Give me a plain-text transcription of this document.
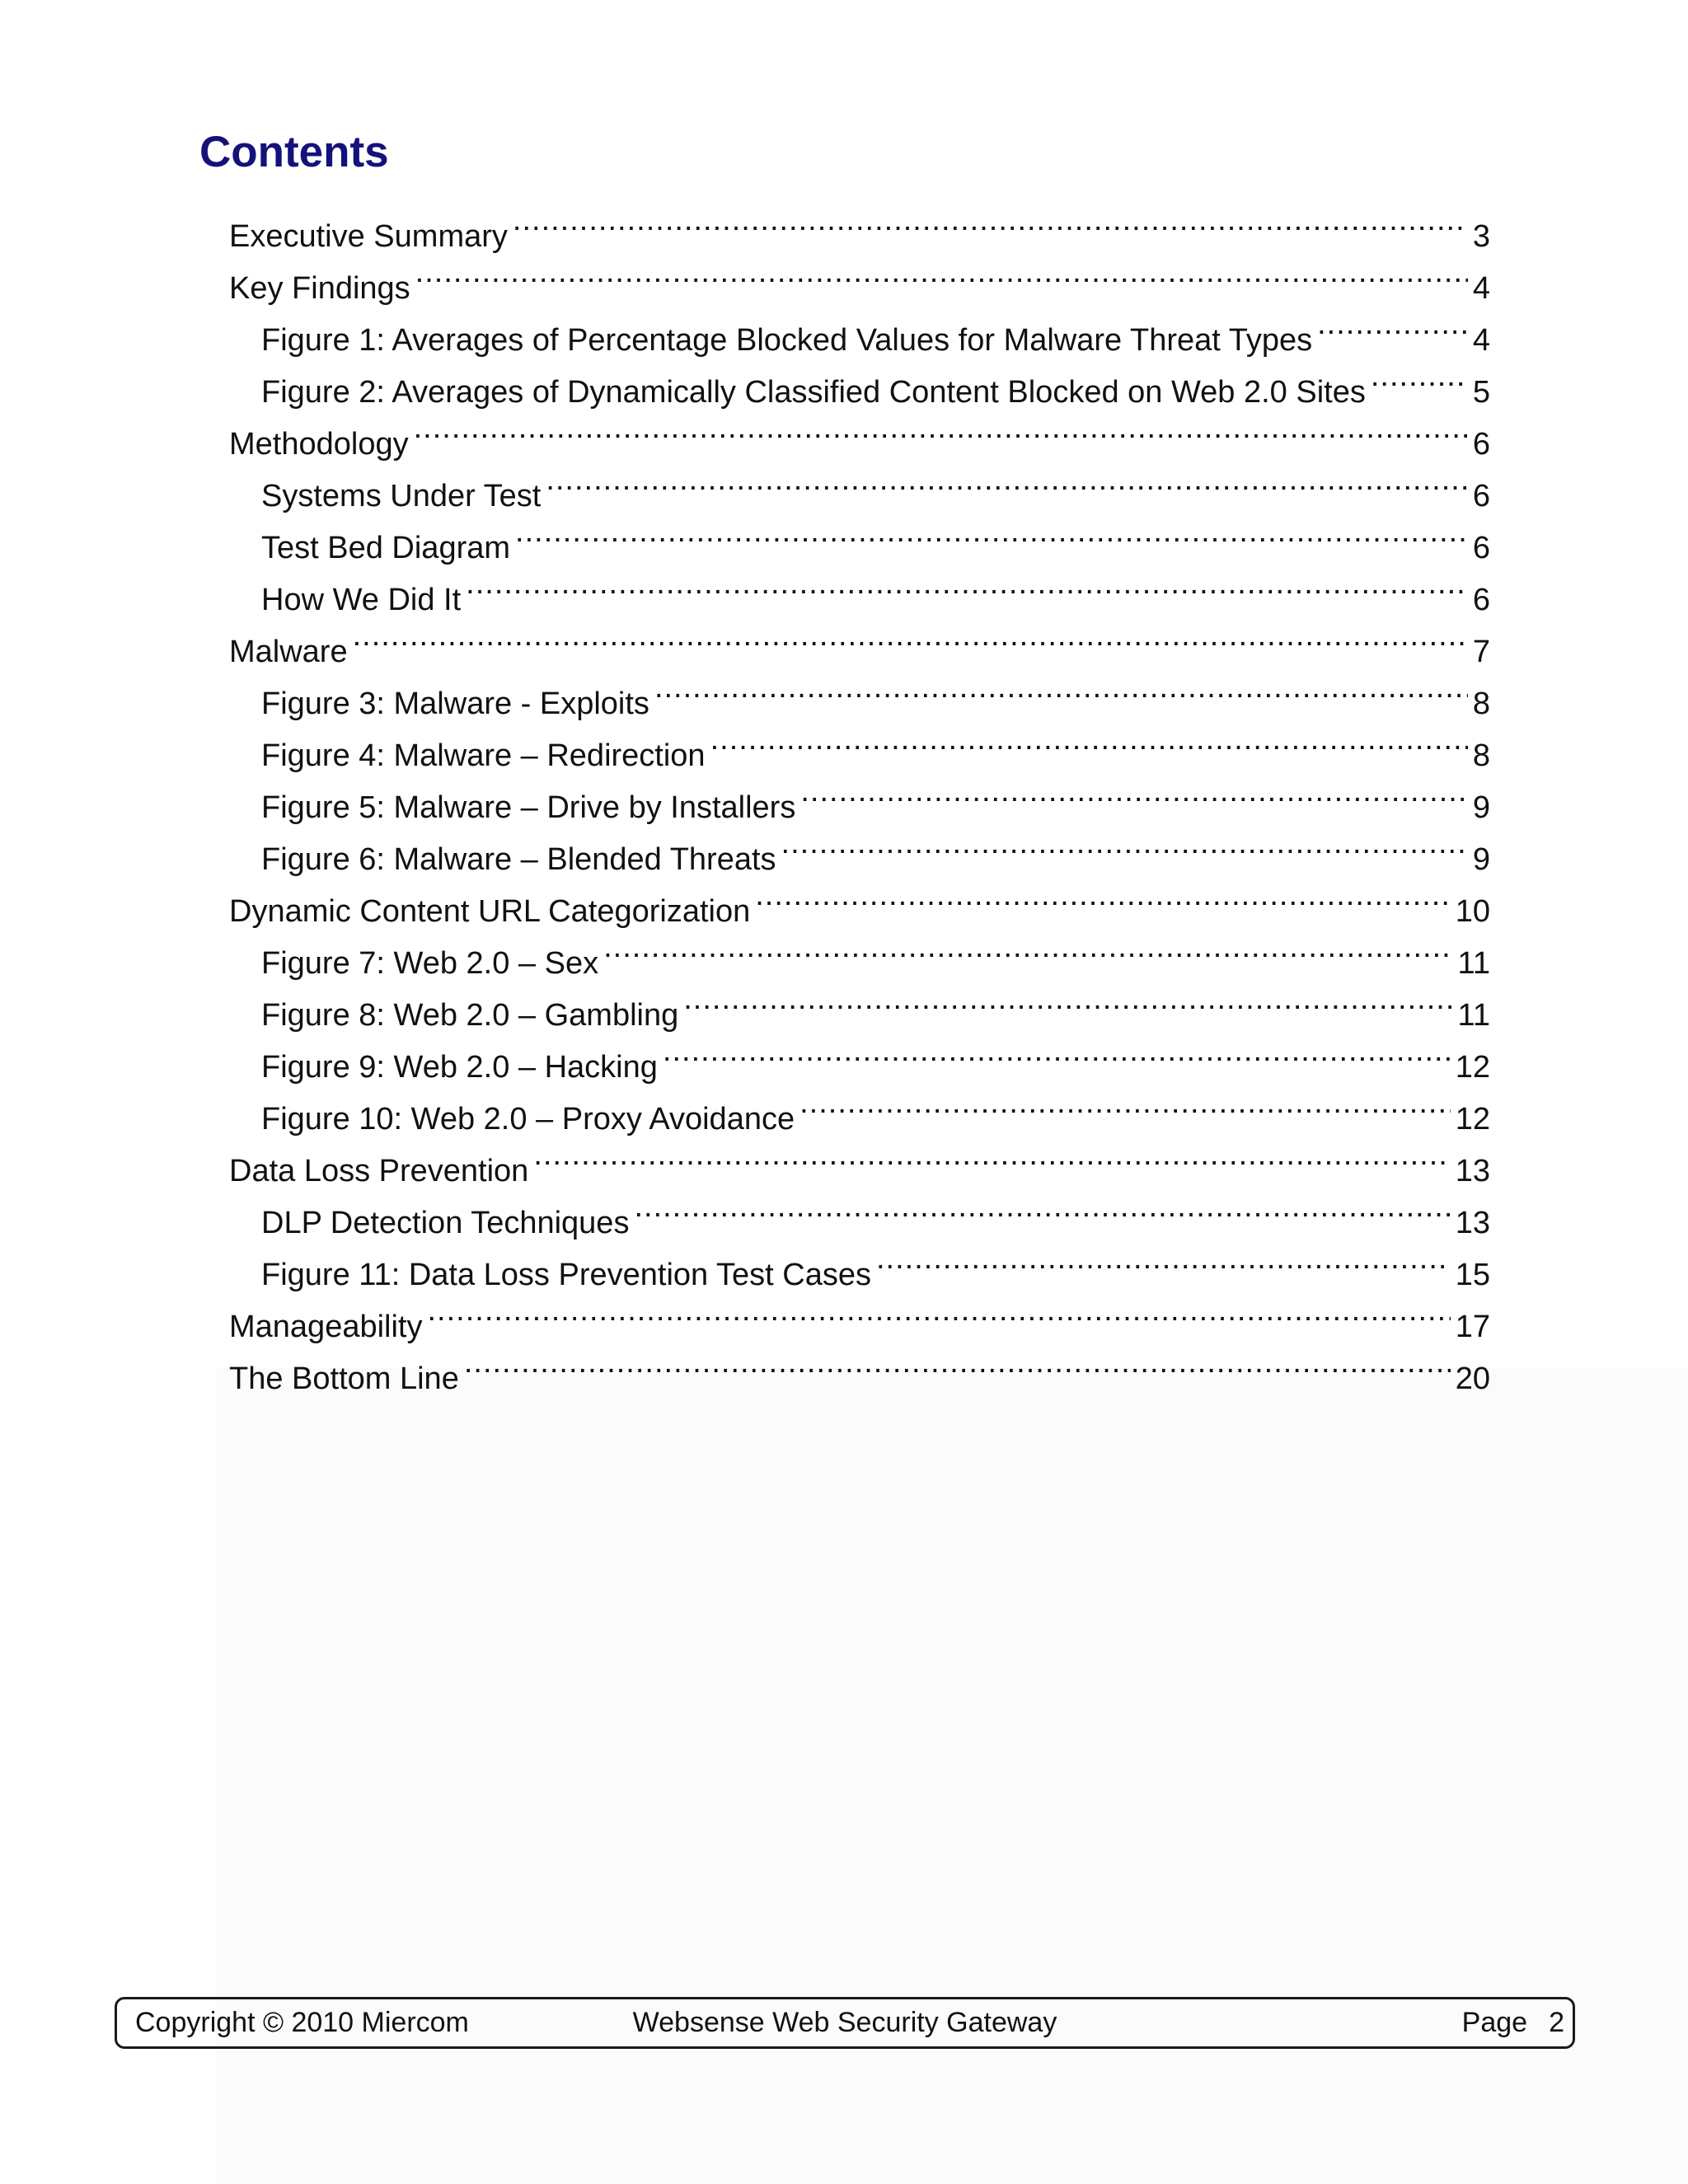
Contents
Executive Summary .....	3
Key Findings .....	4
Figure 1: Averages of Percentage Blocked Values for Malware Threat Types .....	4
Figure 2: Averages of Dynamically Classified Content Blocked on Web 2.0 Sites .....	5
Methodology .....	6
Systems Under Test .....	6
Test Bed Diagram .....	6
How We Did It .....	6
Malware .....	7
Figure 3: Malware - Exploits .....	8
Figure 4: Malware – Redirection .....	8
Figure 5: Malware – Drive by Installers .....	9
Figure 6: Malware – Blended Threats .....	9
Dynamic Content URL Categorization .....	10
Figure 7: Web 2.0 – Sex .....	11
Figure 8: Web 2.0 – Gambling .....	11
Figure 9: Web 2.0 – Hacking .....	12
Figure 10: Web 2.0 – Proxy Avoidance .....	12
Data Loss Prevention .....	13
DLP Detection Techniques .....	13
Figure 11: Data Loss Prevention Test Cases .....	15
Manageability .....	17
The Bottom Line .....	20
Copyright © 2010 Miercom	Websense Web Security Gateway	Page 2
